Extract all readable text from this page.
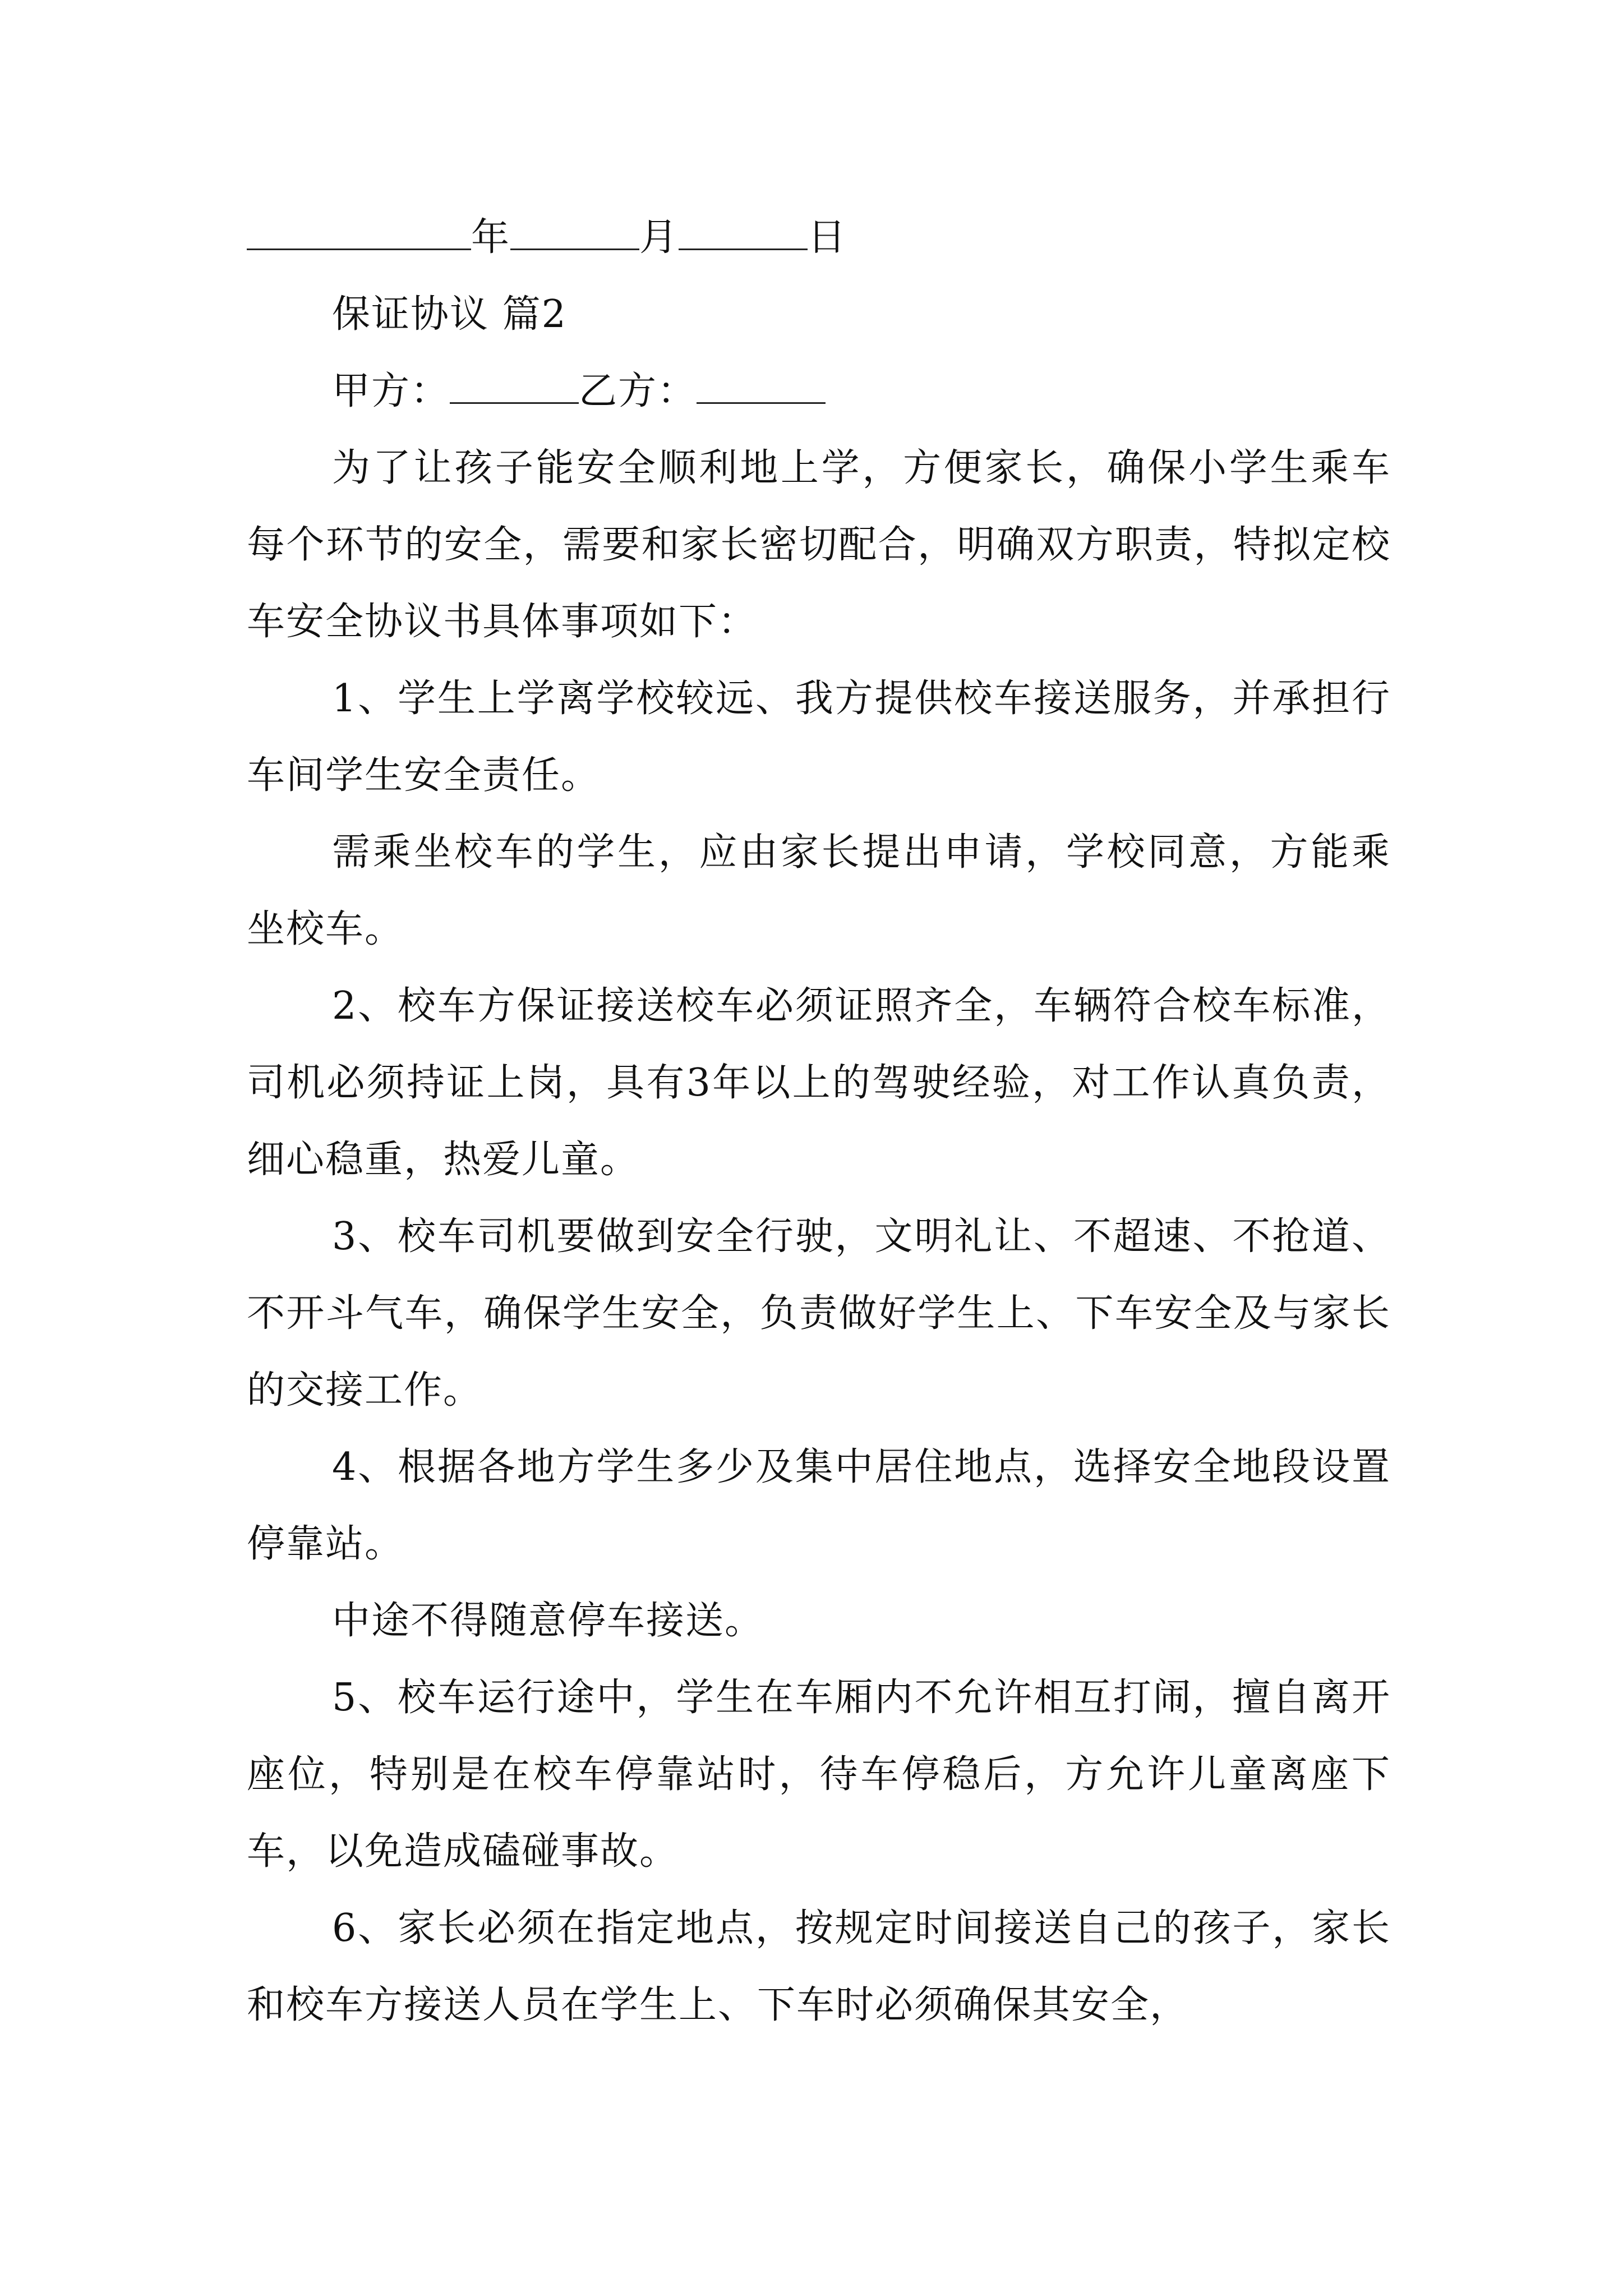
年	月	日

保证协议 篇2

甲方：	乙方：

为了让孩子能安全顺利地上学，方便家长，确保小学生乘车每个环节的安全，需要和家长密切配合，明确双方职责，特拟定校车安全协议书具体事项如下：

1、学生上学离学校较远、我方提供校车接送服务，并承担行车间学生安全责任。

需乘坐校车的学生，应由家长提出申请，学校同意，方能乘坐校车。

2、校车方保证接送校车必须证照齐全，车辆符合校车标准，司机必须持证上岗，具有3年以上的驾驶经验，对工作认真负责，细心稳重，热爱儿童。

3、校车司机要做到安全行驶，文明礼让、不超速、不抢道、不开斗气车，确保学生安全，负责做好学生上、下车安全及与家长的交接工作。

4、根据各地方学生多少及集中居住地点，选择安全地段设置停靠站。

中途不得随意停车接送。

5、校车运行途中，学生在车厢内不允许相互打闹，擅自离开座位，特别是在校车停靠站时，待车停稳后，方允许儿童离座下车，以免造成磕碰事故。

6、家长必须在指定地点，按规定时间接送自己的孩子，家长和校车方接送人员在学生上、下车时必须确保其安全，
